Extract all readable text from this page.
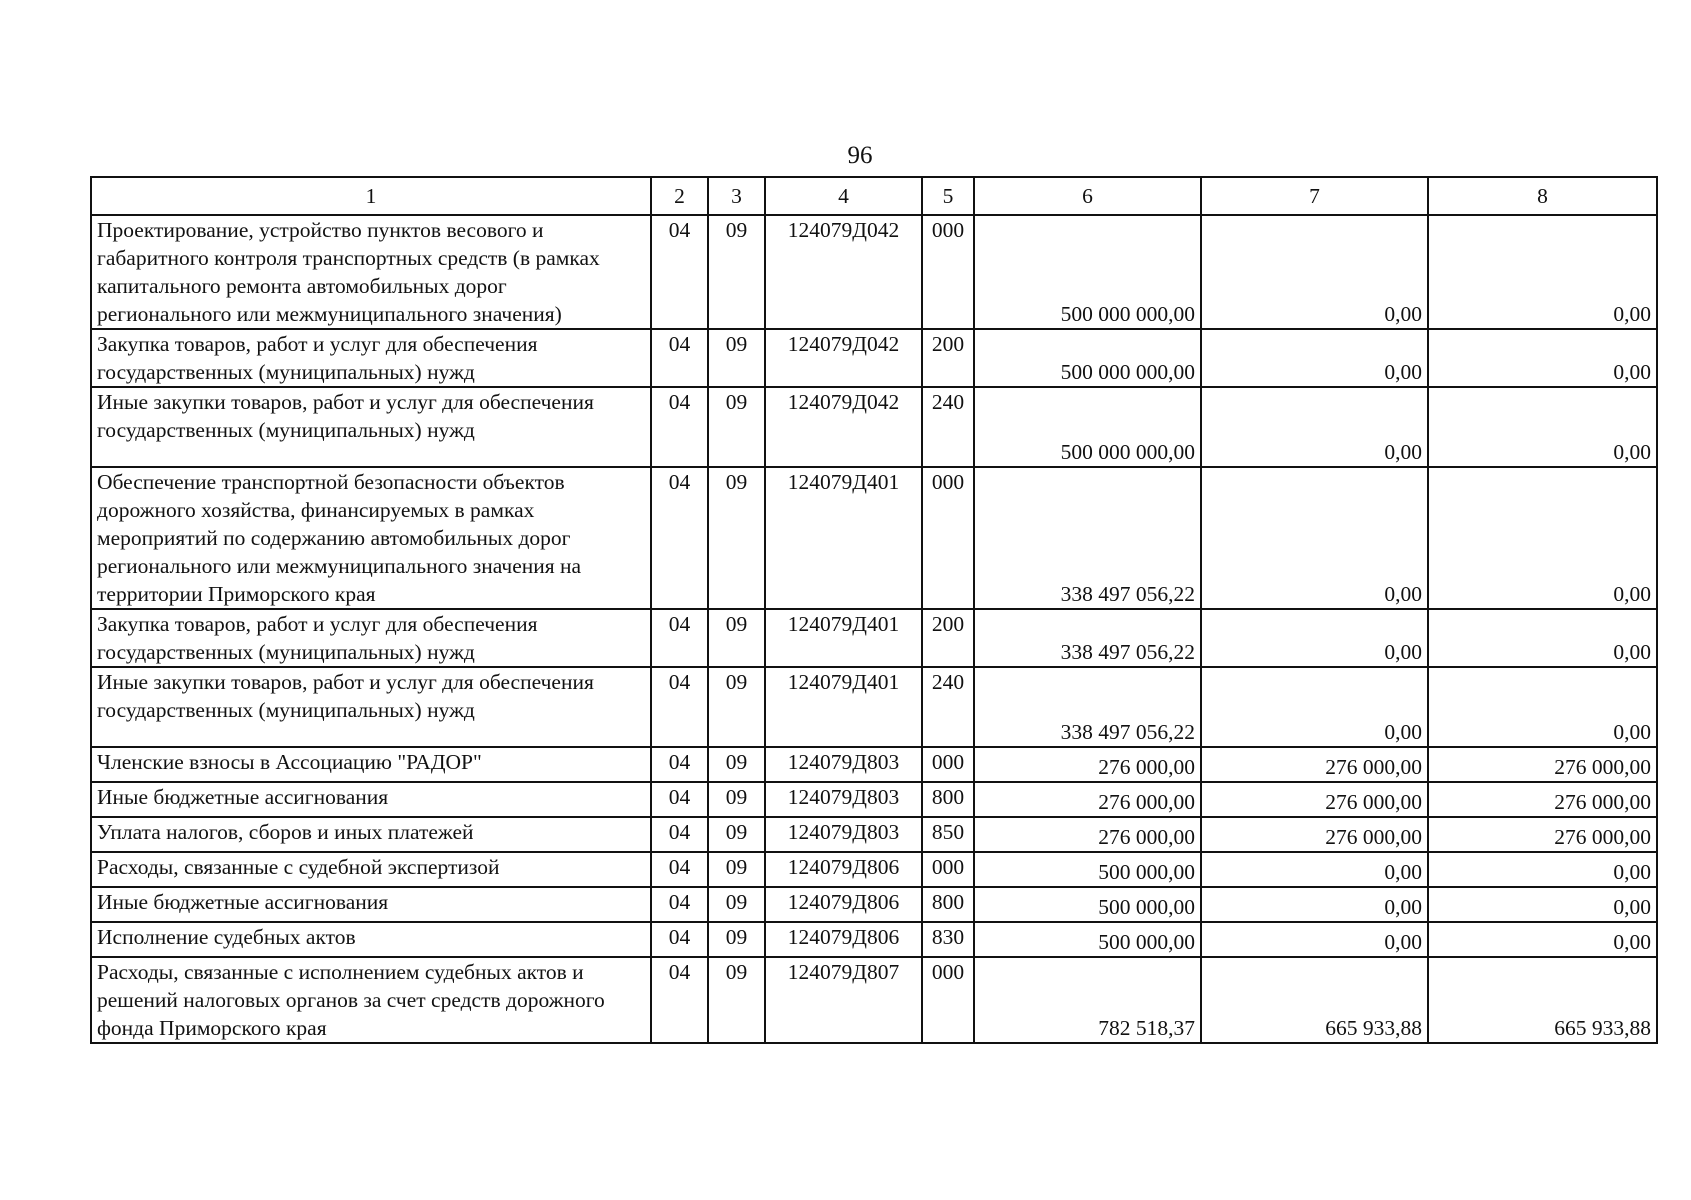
96
1	2	3	4	5	6	7	8
Проектирование, устройство пунктов весового и габаритного контроля транспортных средств (в рамках капитального ремонта автомобильных дорог регионального или межмуниципального значения)	04	09	124079Д042	000	500 000 000,00	0,00	0,00
Закупка товаров, работ и услуг для обеспечения государственных (муниципальных) нужд	04	09	124079Д042	200	500 000 000,00	0,00	0,00
Иные закупки товаров, работ и услуг для обеспечения государственных (муниципальных) нужд	04	09	124079Д042	240	500 000 000,00	0,00	0,00
Обеспечение транспортной безопасности объектов дорожного хозяйства, финансируемых в рамках мероприятий по содержанию автомобильных дорог регионального или межмуниципального значения на территории Приморского края	04	09	124079Д401	000	338 497 056,22	0,00	0,00
Закупка товаров, работ и услуг для обеспечения государственных (муниципальных) нужд	04	09	124079Д401	200	338 497 056,22	0,00	0,00
Иные закупки товаров, работ и услуг для обеспечения государственных (муниципальных) нужд	04	09	124079Д401	240	338 497 056,22	0,00	0,00
Членские взносы в Ассоциацию "РАДОР"	04	09	124079Д803	000	276 000,00	276 000,00	276 000,00
Иные бюджетные ассигнования	04	09	124079Д803	800	276 000,00	276 000,00	276 000,00
Уплата налогов, сборов и иных платежей	04	09	124079Д803	850	276 000,00	276 000,00	276 000,00
Расходы, связанные с судебной экспертизой	04	09	124079Д806	000	500 000,00	0,00	0,00
Иные бюджетные ассигнования	04	09	124079Д806	800	500 000,00	0,00	0,00
Исполнение судебных актов	04	09	124079Д806	830	500 000,00	0,00	0,00
Расходы, связанные с исполнением судебных актов и решений налоговых органов за счет средств дорожного фонда Приморского края	04	09	124079Д807	000	782 518,37	665 933,88	665 933,88
